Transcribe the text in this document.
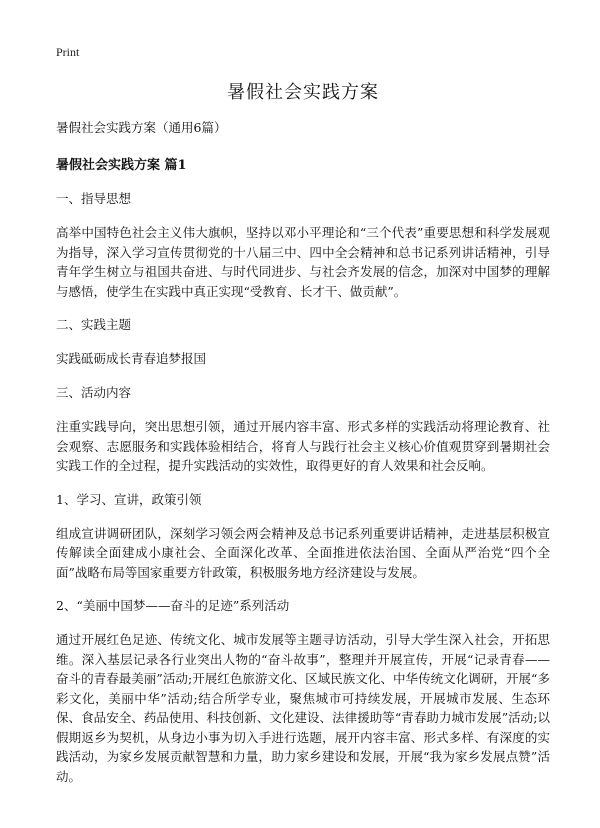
Print
暑假社会实践方案
暑假社会实践方案（通用6篇）
暑假社会实践方案 篇1
一、指导思想
高举中国特色社会主义伟大旗帜，坚持以邓小平理论和“三个代表”重要思想和科学发展观为指导，深入学习宣传贯彻党的十八届三中、四中全会精神和总书记系列讲话精神，引导青年学生树立与祖国共奋进、与时代同进步、与社会齐发展的信念，加深对中国梦的理解与感悟，使学生在实践中真正实现“受教育、长才干、做贡献”。
二、实践主题
实践砥砺成长青春追梦报国
三、活动内容
注重实践导向，突出思想引领，通过开展内容丰富、形式多样的实践活动将理论教育、社会观察、志愿服务和实践体验相结合，将育人与践行社会主义核心价值观贯穿到暑期社会实践工作的全过程，提升实践活动的实效性，取得更好的育人效果和社会反响。
1、学习、宣讲，政策引领
组成宣讲调研团队，深刻学习领会两会精神及总书记系列重要讲话精神，走进基层积极宣传解读全面建成小康社会、全面深化改革、全面推进依法治国、全面从严治党“四个全面”战略布局等国家重要方针政策，积极服务地方经济建设与发展。
2、“美丽中国梦——奋斗的足迹”系列活动
通过开展红色足迹、传统文化、城市发展等主题寻访活动，引导大学生深入社会，开拓思维。深入基层记录各行业突出人物的“奋斗故事”，整理并开展宣传，开展“记录青春——奋斗的青春最美丽”活动;开展红色旅游文化、区域民族文化、中华传统文化调研，开展“多彩文化，美丽中华”活动;结合所学专业，聚焦城市可持续发展，开展城市发展、生态环保、食品安全、药品使用、科技创新、文化建设、法律援助等“青春助力城市发展”活动;以假期返乡为契机，从身边小事为切入手进行选题，展开内容丰富、形式多样、有深度的实践活动，为家乡发展贡献智慧和力量，助力家乡建设和发展，开展“我为家乡发展点赞”活动。
